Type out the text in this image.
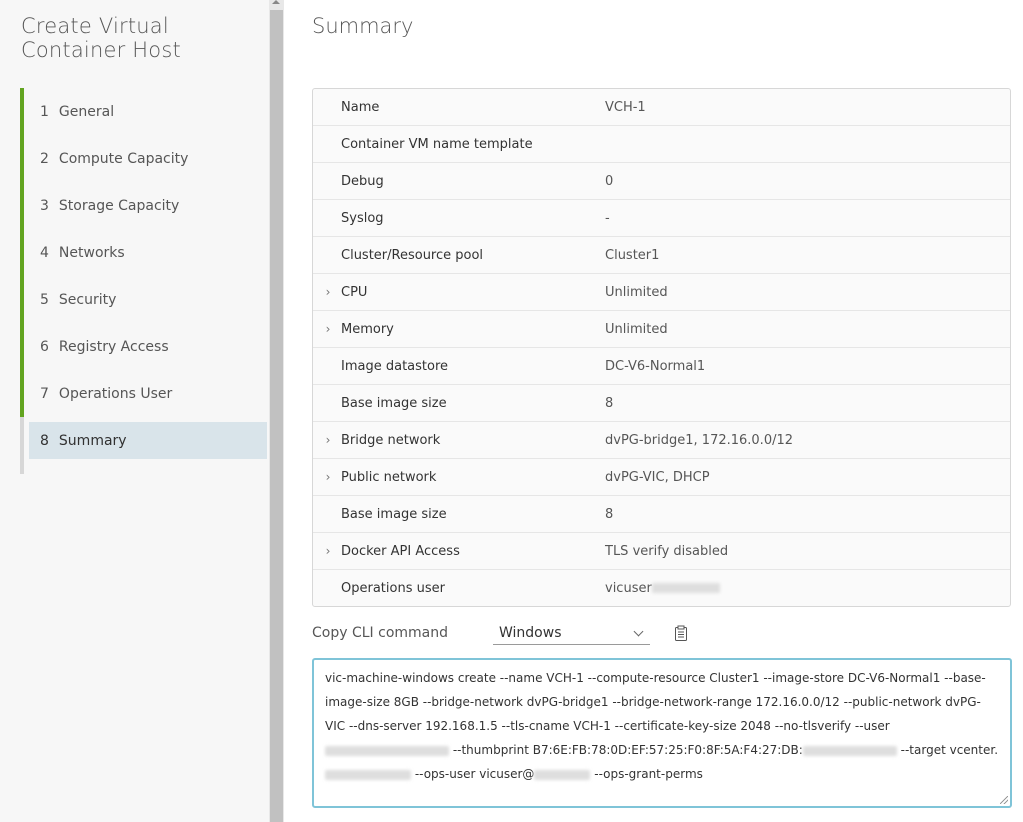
Create Virtual Container Host
1 General
2 Compute Capacity
3 Storage Capacity
4 Networks
5 Security
6 Registry Access
7 Operations User
8 Summary
Summary
Name	VCH-1
Container VM name template
Debug	0
Syslog	-
Cluster/Resource pool	Cluster1
› CPU	Unlimited
› Memory	Unlimited
Image datastore	DC-V6-Normal1
Base image size	8
› Bridge network	dvPG-bridge1, 172.16.0.0/12
› Public network	dvPG-VIC, DHCP
Base image size	8
› Docker API Access	TLS verify disabled
Operations user	vicuser
Copy CLI command	Windows
vic-machine-windows create --name VCH-1 --compute-resource Cluster1 --image-store DC-V6-Normal1 --base-image-size 8GB --bridge-network dvPG-bridge1 --bridge-network-range 172.16.0.0/12 --public-network dvPG-VIC --dns-server 192.168.1.5 --tls-cname VCH-1 --certificate-key-size 2048 --no-tlsverify --user  --thumbprint B7:6E:FB:78:0D:EF:57:25:F0:8F:5A:F4:27:DB:	--target vcenter. --ops-user vicuser@	--ops-grant-perms
